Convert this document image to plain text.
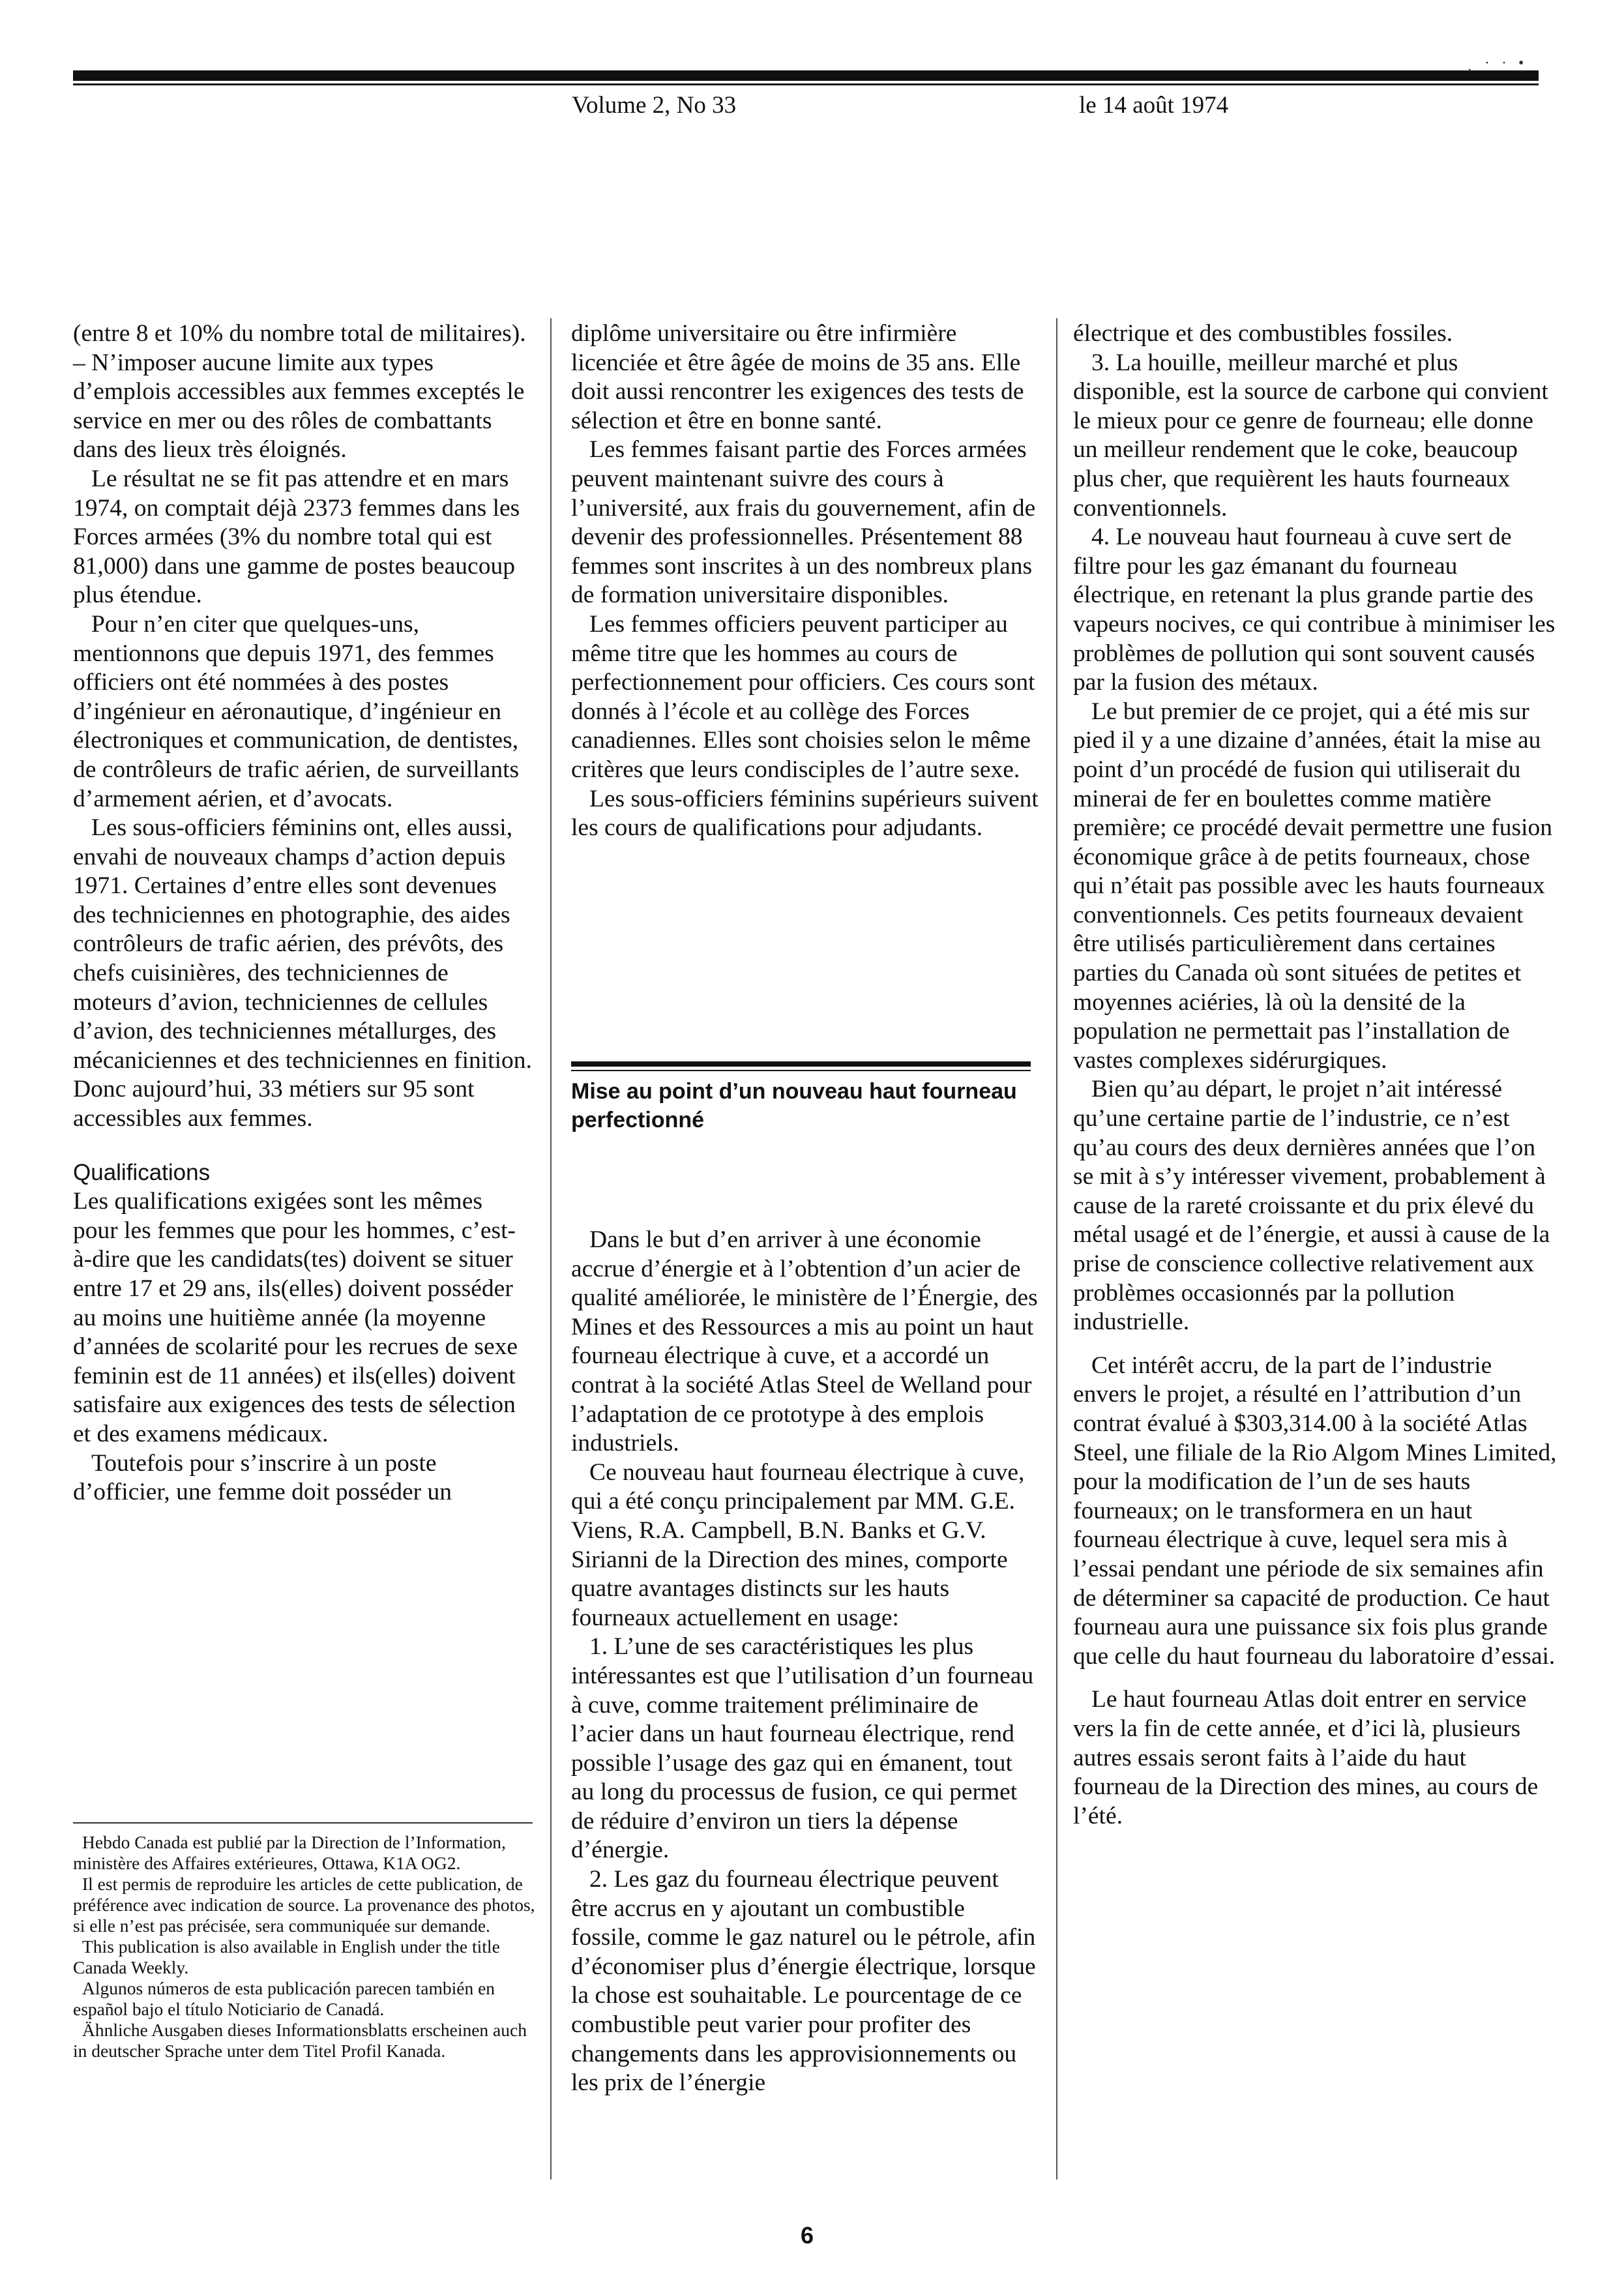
ˏ · · •
Volume 2, No 33	le 14 août 1974

(entre 8 et 10% du nombre total de militaires).

– N’imposer aucune limite aux types d’emplois accessibles aux femmes exceptés le service en mer ou des rôles de combattants dans des lieux très éloignés.

Le résultat ne se fit pas attendre et en mars 1974, on comptait déjà 2373 femmes dans les Forces armées (3% du nombre total qui est 81,000) dans une gamme de postes beaucoup plus étendue.

Pour n’en citer que quelques-uns, mentionnons que depuis 1971, des femmes officiers ont été nommées à des postes d’ingénieur en aéronautique, d’ingénieur en électroniques et communication, de dentistes, de contrôleurs de trafic aérien, de surveillants d’armement aérien, et d’avocats.

Les sous-officiers féminins ont, elles aussi, envahi de nouveaux champs d’action depuis 1971. Certaines d’entre elles sont devenues des techniciennes en photographie, des aides contrôleurs de trafic aérien, des prévôts, des chefs cuisinières, des techniciennes de moteurs d’avion, techniciennes de cellules d’avion, des techniciennes métallurges, des mécaniciennes et des techniciennes en finition. Donc aujourd’hui, 33 métiers sur 95 sont accessibles aux femmes.

Qualifications

Les qualifications exigées sont les mêmes pour les femmes que pour les hommes, c’est-à-dire que les candidats(tes) doivent se situer entre 17 et 29 ans, ils(elles) doivent posséder au moins une huitième année (la moyenne d’années de scolarité pour les recrues de sexe feminin est de 11 années) et ils(elles) doivent satisfaire aux exigences des tests de sélection et des examens médicaux.

Toutefois pour s’inscrire à un poste d’officier, une femme doit posséder un

Hebdo Canada est publié par la Direction de l’Information, ministère des Affaires extérieures, Ottawa, K1A OG2.

Il est permis de reproduire les articles de cette publication, de préférence avec indication de source. La provenance des photos, si elle n’est pas précisée, sera communiquée sur demande.

This publication is also available in English under the title Canada Weekly.

Algunos números de esta publicación parecen también en español bajo el título Noticiario de Canadá.

Ähnliche Ausgaben dieses Informationsblatts erscheinen auch in deutscher Sprache unter dem Titel Profil Kanada.

diplôme universitaire ou être infirmière licenciée et être âgée de moins de 35 ans. Elle doit aussi rencontrer les exigences des tests de sélection et être en bonne santé.

Les femmes faisant partie des Forces armées peuvent maintenant suivre des cours à l’université, aux frais du gouvernement, afin de devenir des professionnelles. Présentement 88 femmes sont inscrites à un des nombreux plans de formation universitaire disponibles.

Les femmes officiers peuvent participer au même titre que les hommes au cours de perfectionnement pour officiers. Ces cours sont donnés à l’école et au collège des Forces canadiennes. Elles sont choisies selon le même critères que leurs condisciples de l’autre sexe.

Les sous-officiers féminins supérieurs suivent les cours de qualifications pour adjudants.

Mise au point d’un nouveau haut fourneau perfectionné

Dans le but d’en arriver à une économie accrue d’énergie et à l’obtention d’un acier de qualité améliorée, le ministère de l’Énergie, des Mines et des Ressources a mis au point un haut fourneau électrique à cuve, et a accordé un contrat à la société Atlas Steel de Welland pour l’adaptation de ce prototype à des emplois industriels.

Ce nouveau haut fourneau électrique à cuve, qui a été conçu principalement par MM. G.E. Viens, R.A. Campbell, B.N. Banks et G.V. Sirianni de la Direction des mines, comporte quatre avantages distincts sur les hauts fourneaux actuellement en usage:

1. L’une de ses caractéristiques les plus intéressantes est que l’utilisation d’un fourneau à cuve, comme traitement préliminaire de l’acier dans un haut fourneau électrique, rend possible l’usage des gaz qui en émanent, tout au long du processus de fusion, ce qui permet de réduire d’environ un tiers la dépense d’énergie.

2. Les gaz du fourneau électrique peuvent être accrus en y ajoutant un combustible fossile, comme le gaz naturel ou le pétrole, afin d’économiser plus d’énergie électrique, lorsque la chose est souhaitable. Le pourcentage de ce combustible peut varier pour profiter des changements dans les approvisionnements ou les prix de l’énergie

électrique et des combustibles fossiles.

3. La houille, meilleur marché et plus disponible, est la source de carbone qui convient le mieux pour ce genre de fourneau; elle donne un meilleur rendement que le coke, beaucoup plus cher, que requièrent les hauts fourneaux conventionnels.

4. Le nouveau haut fourneau à cuve sert de filtre pour les gaz émanant du fourneau électrique, en retenant la plus grande partie des vapeurs nocives, ce qui contribue à minimiser les problèmes de pollution qui sont souvent causés par la fusion des métaux.

Le but premier de ce projet, qui a été mis sur pied il y a une dizaine d’années, était la mise au point d’un procédé de fusion qui utiliserait du minerai de fer en boulettes comme matière première; ce procédé devait permettre une fusion économique grâce à de petits fourneaux, chose qui n’était pas possible avec les hauts fourneaux conventionnels. Ces petits fourneaux devaient être utilisés particulièrement dans certaines parties du Canada où sont situées de petites et moyennes aciéries, là où la densité de la population ne permettait pas l’installation de vastes complexes sidérurgiques.

Bien qu’au départ, le projet n’ait intéressé qu’une certaine partie de l’industrie, ce n’est qu’au cours des deux dernières années que l’on se mit à s’y intéresser vivement, probablement à cause de la rareté croissante et du prix élevé du métal usagé et de l’énergie, et aussi à cause de la prise de conscience collective relativement aux problèmes occasionnés par la pollution industrielle.

Cet intérêt accru, de la part de l’industrie envers le projet, a résulté en l’attribution d’un contrat évalué à $303,314.00 à la société Atlas Steel, une filiale de la Rio Algom Mines Limited, pour la modification de l’un de ses hauts fourneaux; on le transformera en un haut fourneau électrique à cuve, lequel sera mis à l’essai pendant une période de six semaines afin de déterminer sa capacité de production. Ce haut fourneau aura une puissance six fois plus grande que celle du haut fourneau du laboratoire d’essai.

Le haut fourneau Atlas doit entrer en service vers la fin de cette année, et d’ici là, plusieurs autres essais seront faits à l’aide du haut fourneau de la Direction des mines, au cours de l’été.

6
